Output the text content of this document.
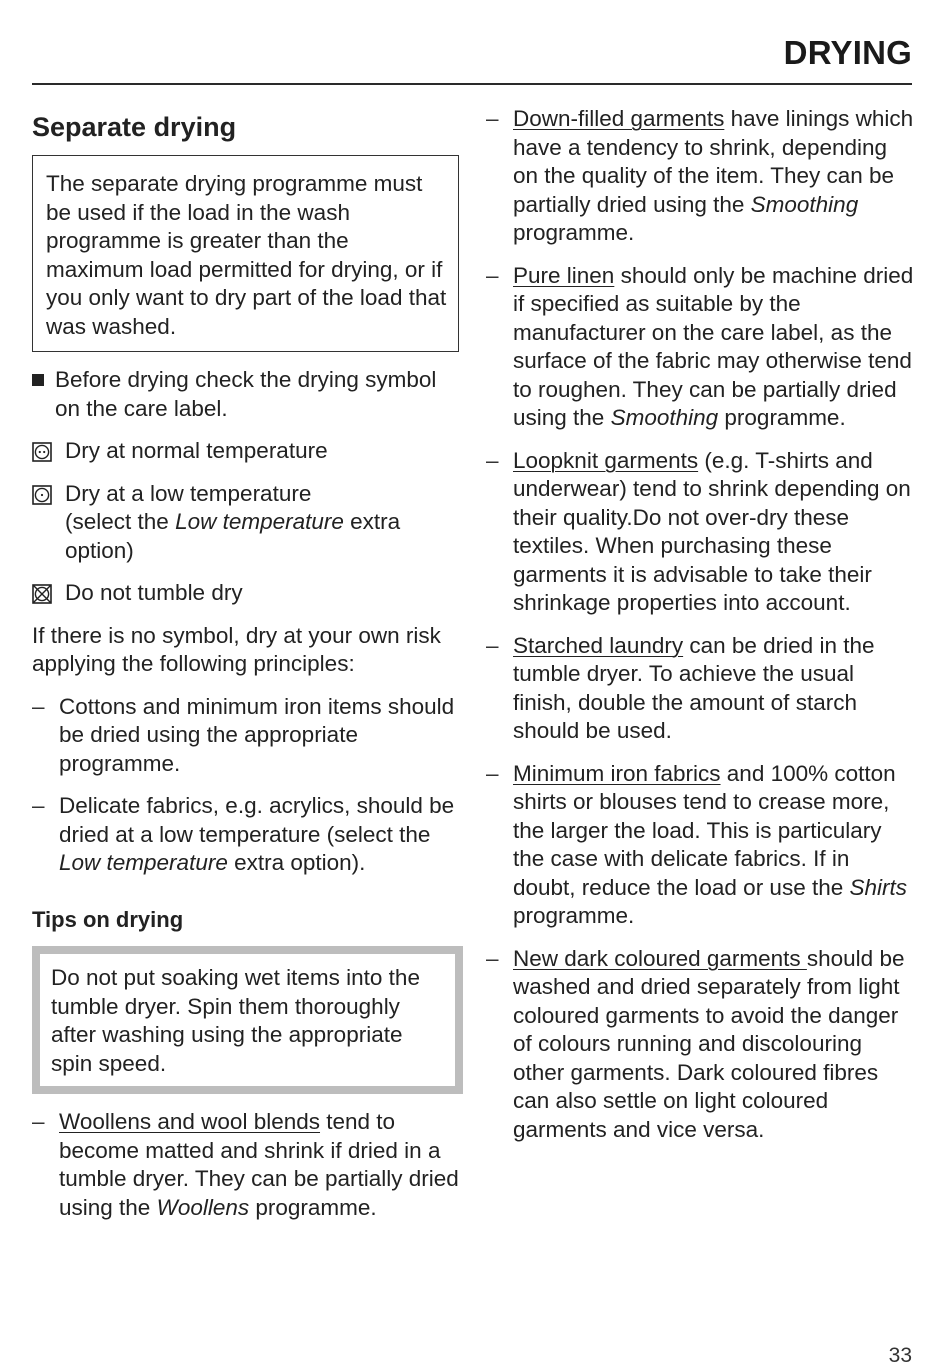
DRYING
Separate drying
The separate drying programme must be used if the load in the wash programme is greater than the maximum load permitted for drying, or if you only want to dry part of the load that was washed.
Before drying check the drying symbol on the care label.
Dry at normal temperature
Dry at a low temperature
(select the Low temperature extra option)
Do not tumble dry
If there is no symbol, dry at your own risk applying the following principles:
– Cottons and minimum iron items should be dried using the appropriate programme.
– Delicate fabrics, e.g. acrylics, should be dried at a low temperature (select the Low temperature extra option).
Tips on drying
Do not put soaking wet items into the tumble dryer. Spin them thoroughly after washing using the appropriate spin speed.
– Woollens and wool blends tend to become matted and shrink if dried in a tumble dryer. They can be partially dried using the Woollens programme.
– Down-filled garments have linings which have a tendency to shrink, depending on the quality of the item. They can be partially dried using the Smoothing programme.
– Pure linen should only be machine dried if specified as suitable by the manufacturer on the care label, as the surface of the fabric may otherwise tend to roughen. They can be partially dried using the Smoothing programme.
– Loopknit garments (e.g. T-shirts and underwear) tend to shrink depending on their quality.Do not over-dry these textiles. When purchasing these garments it is advisable to take their shrinkage properties into account.
– Starched laundry can be dried in the tumble dryer. To achieve the usual finish, double the amount of starch should be used.
– Minimum iron fabrics and 100% cotton shirts or blouses tend to crease more, the larger the load. This is particulary the case with delicate fabrics. If in doubt, reduce the load or use the Shirts programme.
– New dark coloured garments should be washed and dried separately from light coloured garments to avoid the danger of colours running and discolouring other garments. Dark coloured fibres can also settle on light coloured garments and vice versa.
33
